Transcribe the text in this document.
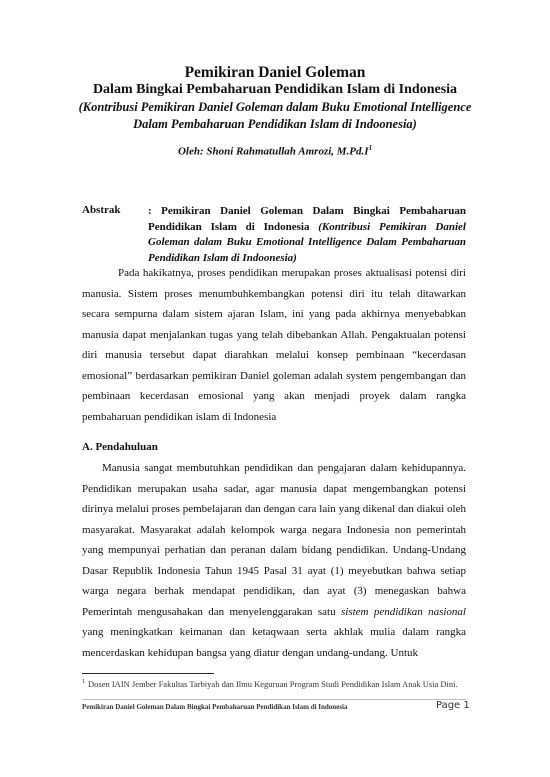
Pemikiran Daniel Goleman
Dalam Bingkai Pembaharuan Pendidikan Islam di Indonesia
(Kontribusi Pemikiran Daniel Goleman dalam Buku Emotional Intelligence
Dalam Pembaharuan Pendidikan Islam di Indoonesia)
Oleh: Shoni Rahmatullah Amrozi, $M.Pd.I^1$
Abstrak : Pemikiran Daniel Goleman Dalam Bingkai Pembaharuan Pendidikan Islam di Indonesia (Kontribusi Pemikiran Daniel Goleman dalam Buku Emotional Intelligence Dalam Pembaharuan Pendidikan Islam di Indoonesia)
Pada hakikatnya, proses pendidikan merupakan proses aktualisasi potensi diri manusia. Sistem proses menumbuhkembangkan potensi diri itu telah ditawarkan secara sempurna dalam sistem ajaran Islam, ini yang pada akhirnya menyebabkan manusia dapat menjalankan tugas yang telah dibebankan Allah. Pengaktualan potensi diri manusia tersebut dapat diarahkan melalui konsep pembinaan “kecerdasan emosional” berdasarkan pemikiran Daniel goleman adalah system pengembangan dan pembinaan kecerdasan emosional yang akan menjadi proyek dalam rangka pembaharuan pendidikan islam di Indonesia
A. Pendahuluan
Manusia sangat membutuhkan pendidikan dan pengajaran dalam kehidupannya. Pendidikan merupakan usaha sadar, agar manusia dapat mengembangkan potensi dirinya melalui proses pembelajaran dan dengan cara lain yang dikenal dan diakui oleh masyarakat. Masyarakat adalah kelompok warga negara Indonesia non pemerintah yang mempunyai perhatian dan peranan dalam bidang pendidikan. Undang-Undang Dasar Republik Indonesia Tahun 1945 Pasal 31 ayat (1) meyebutkan bahwa setiap warga negara berhak mendapat pendidikan, dan ayat (3) menegaskan bahwa Pemerintah mengusahakan dan menyelenggarakan satu sistem pendidikan nasional yang meningkatkan keimanan dan ketaqwaan serta akhlak mulia dalam rangka mencerdaskan kehidupan bangsa yang diatur dengan undang-undang. Untuk
$^1$ Dosen IAIN Jember Fakultas Tarbiyah dan Ilmu Keguruan Program Studi Pendidikan Islam Anak Usia Dini.
Pemikiran Daniel Goleman Dalam Bingkai Pembaharuan Pendidikan Islam di Indonesia	Page 1
